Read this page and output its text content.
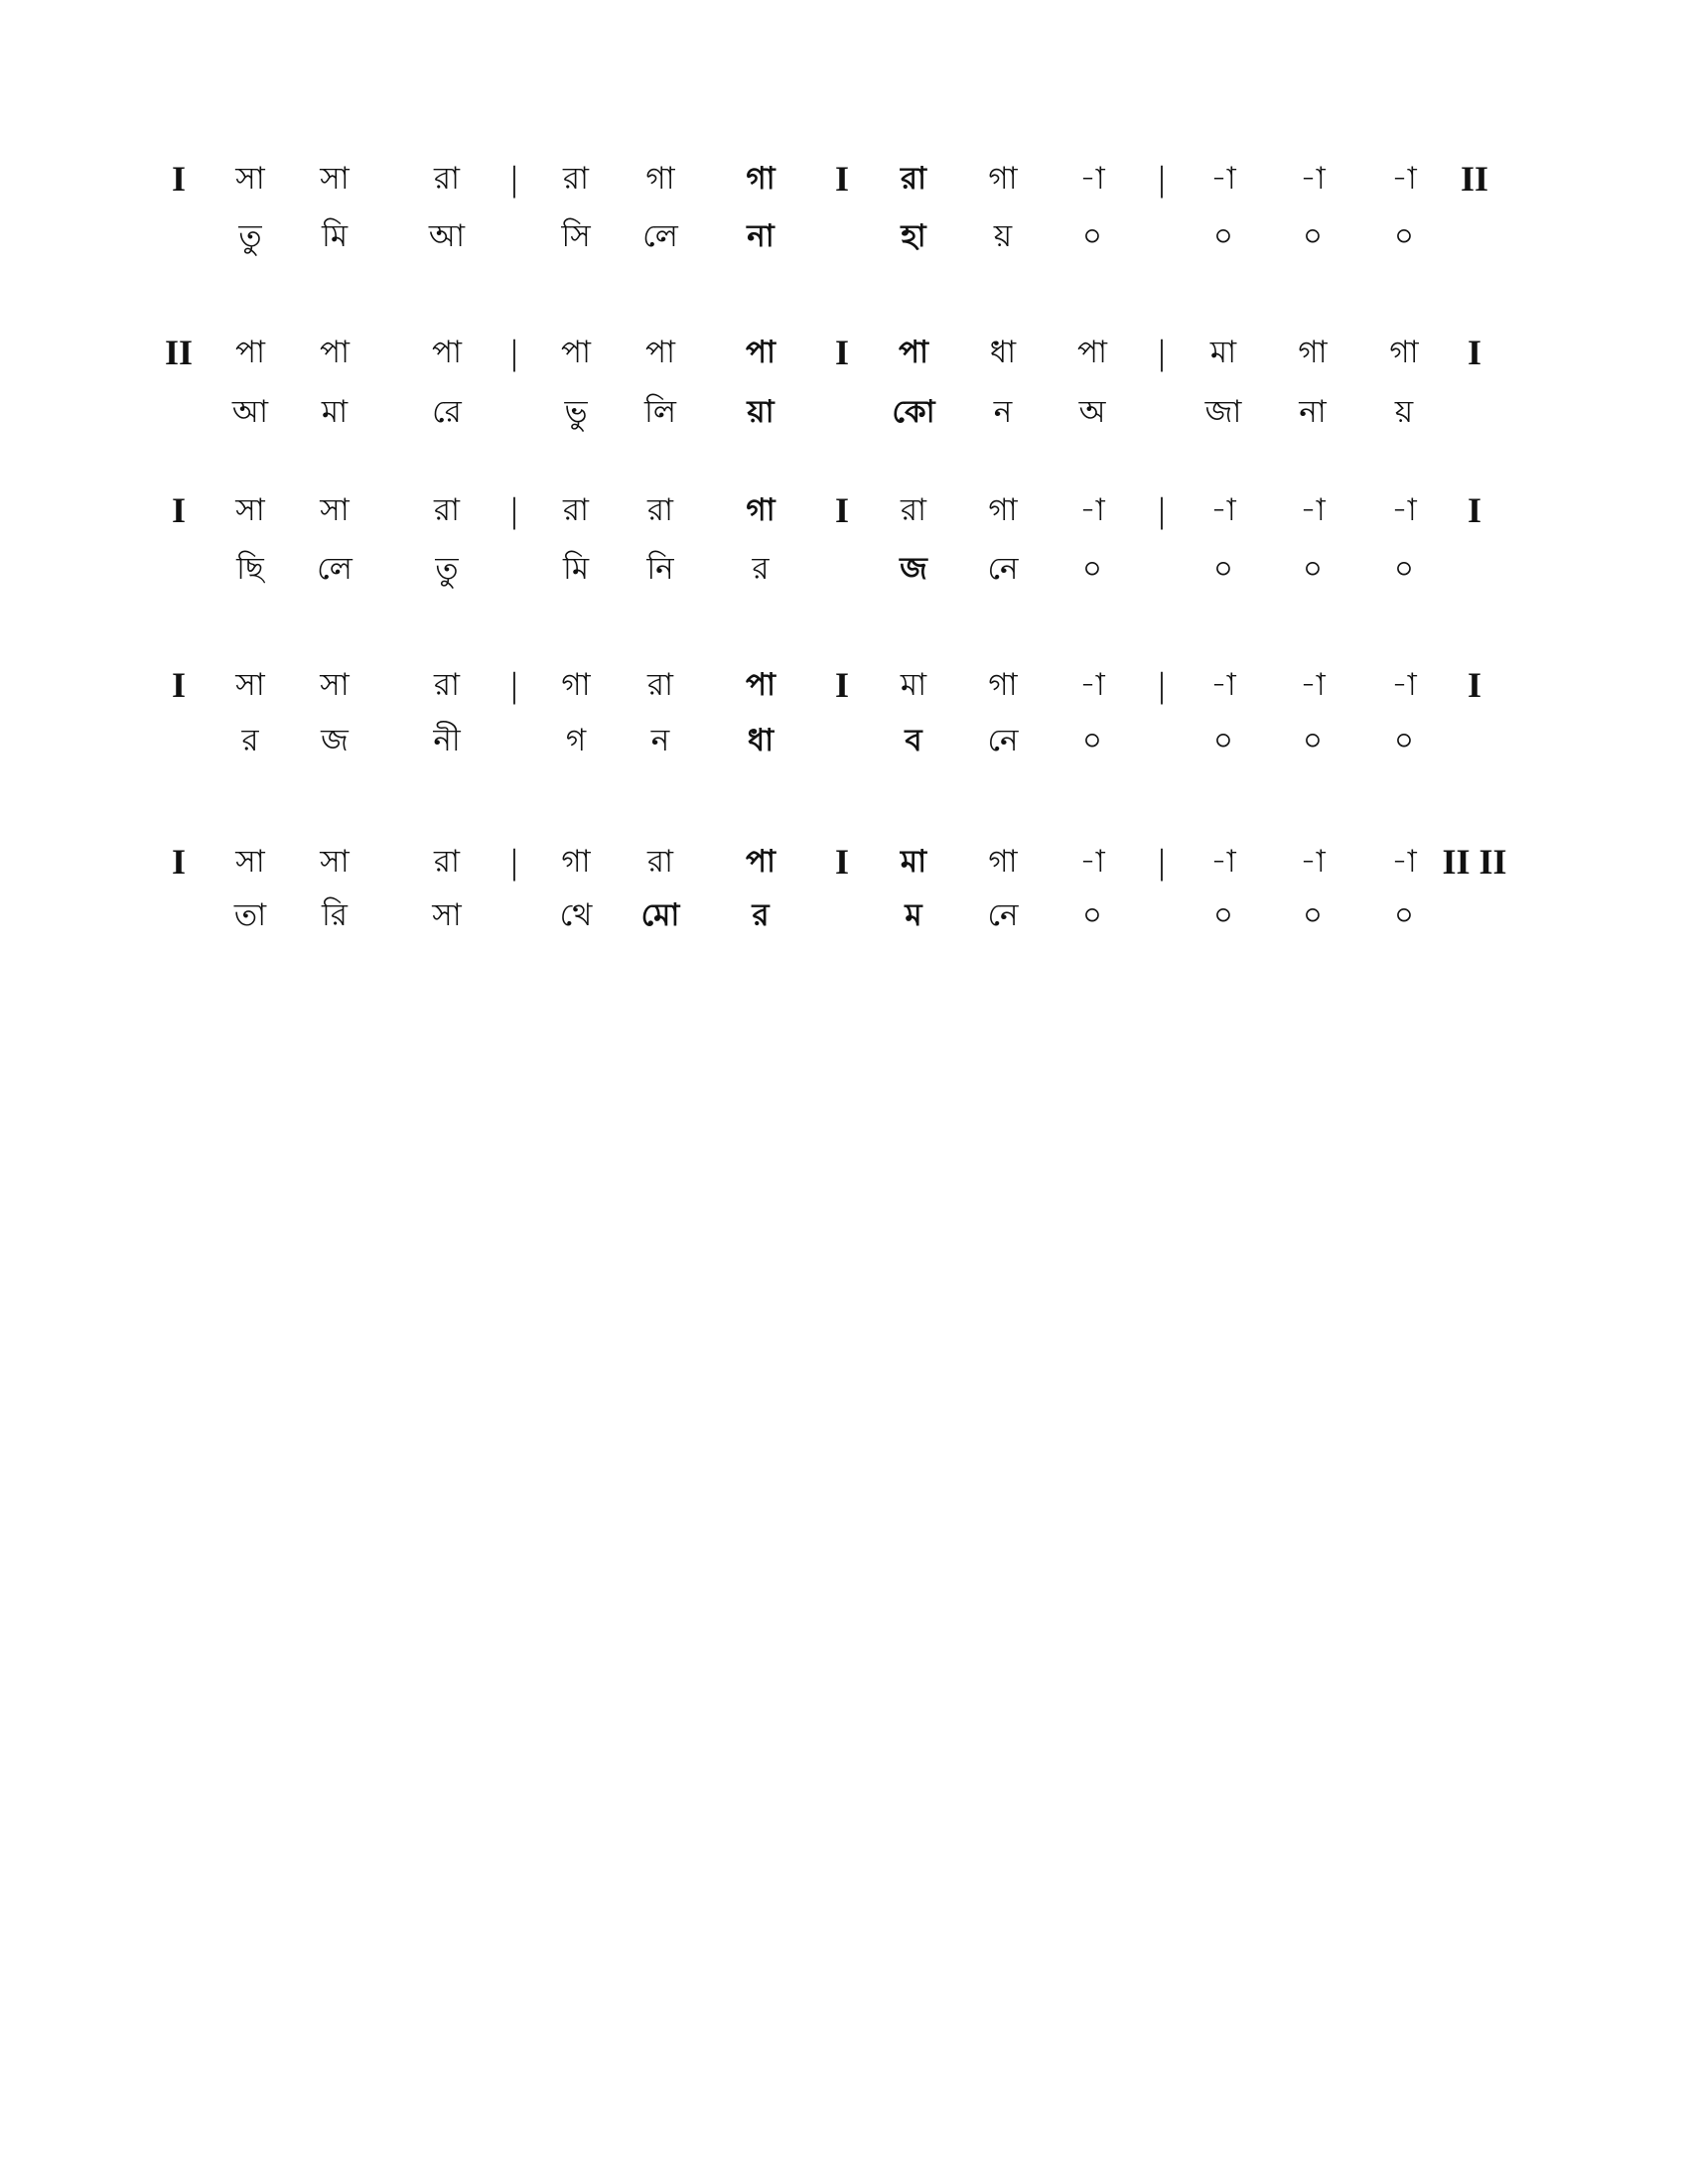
I সা সা	রা | রা গা গা I রা গা -া | -া -া -া II
তু মি	আ	সি লে না	হা য় ০	০ ০ ০
II পা পা	পা | পা পা পা I পা ধা পা | মা গা গা I
আ মা	রে	ভু লি য়া	কো ন অ	জা না য়
I সা সা	রা | রা রা গা I রা গা -া | -া -া -া I
ছি লে	তু	মি নি	র	জ নে ০	০ ০ ০
I সা সা	রা | গা রা পা I মা গা -া | -া -া -া I
র জ	নী	গ ন	ধা	ব নে ০	০ ০ ০
I সা সা	রা | গা রা পা I মা গা -া | -া -া -া II II
তা রি	সা	থে মো র	ম নে ০	০ ০ ০
